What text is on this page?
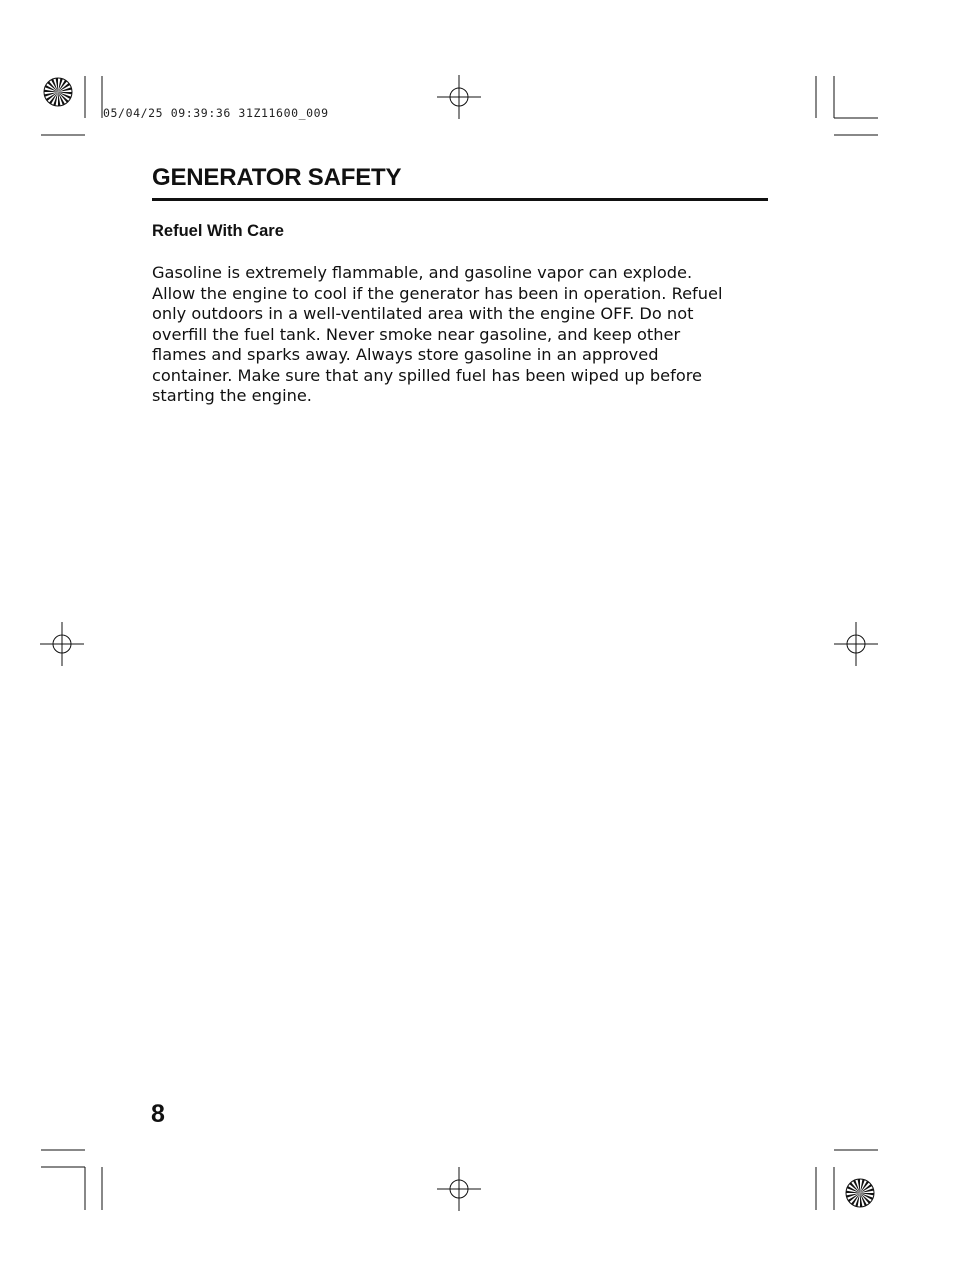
05/04/25 09:39:36 31Z11600_009
GENERATOR SAFETY
Refuel With Care
Gasoline is extremely flammable, and gasoline vapor can explode.
Allow the engine to cool if the generator has been in operation. Refuel
only outdoors in a well-ventilated area with the engine OFF. Do not
overfill the fuel tank. Never smoke near gasoline, and keep other
flames and sparks away. Always store gasoline in an approved
container. Make sure that any spilled fuel has been wiped up before
starting the engine.
8
